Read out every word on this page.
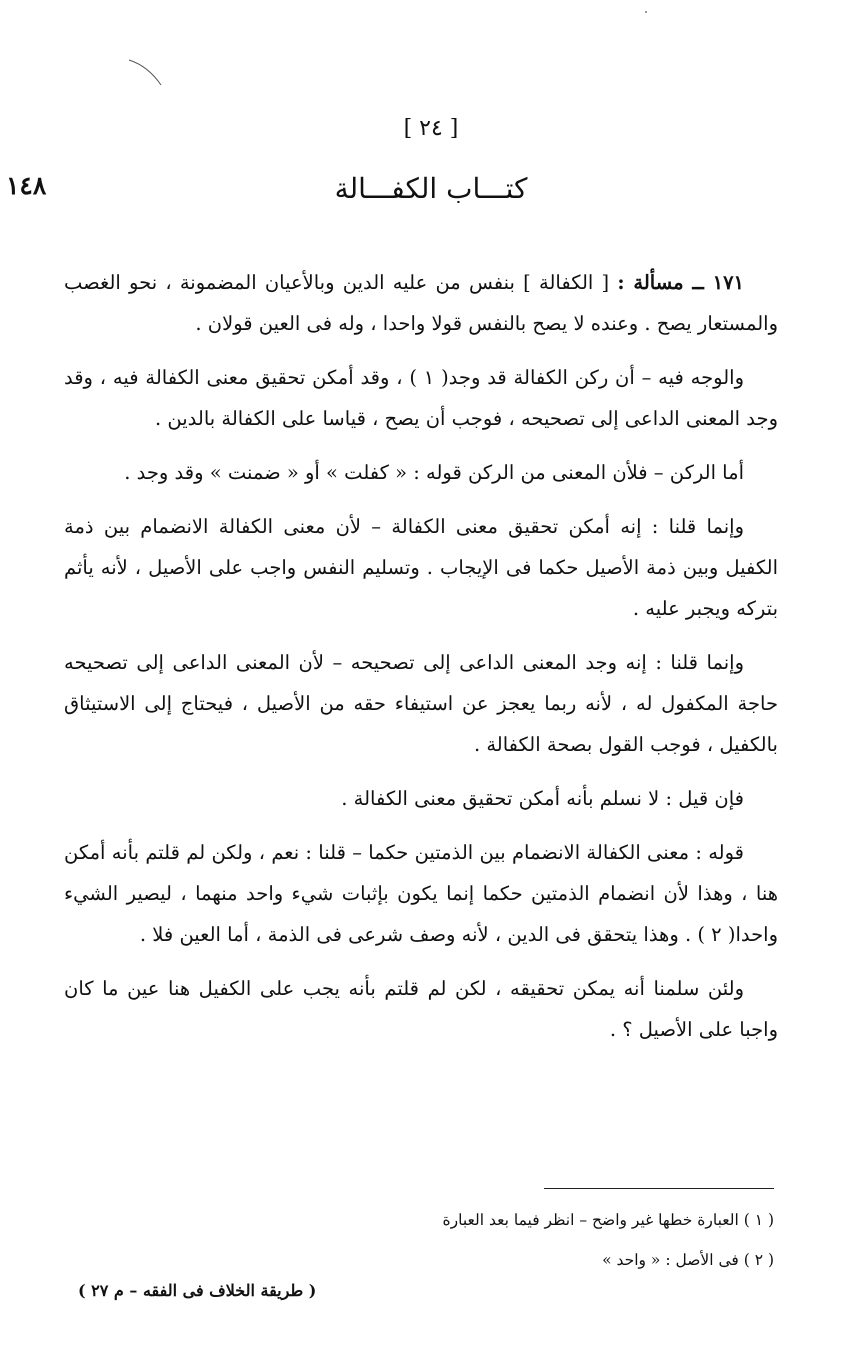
[ ٢٤ ]
١٤٨	كتـــاب الكفـــالة

١٧١ ــ مسألة : [ الكفالة ] بنفس من عليه الدين وبالأعيان المضمونة ، نحو الغصب والمستعار يصح . وعنده لا يصح بالنفس قولا واحدا ، وله فى العين قولان .

والوجه فيه – أن ركن الكفالة قد وجد( ١ ) ، وقد أمكن تحقيق معنى الكفالة فيه ، وقد وجد المعنى الداعى إلى تصحيحه ، فوجب أن يصح ، قياسا على الكفالة بالدين .

أما الركن – فلأن المعنى من الركن قوله : « كفلت » أو « ضمنت » وقد وجد .

وإنما قلنا : إنه أمكن تحقيق معنى الكفالة – لأن معنى الكفالة الانضمام بين ذمة الكفيل وبين ذمة الأصيل حكما فى الإيجاب . وتسليم النفس واجب على الأصيل ، لأنه يأثم بتركه ويجبر عليه .

وإنما قلنا : إنه وجد المعنى الداعى إلى تصحيحه – لأن المعنى الداعى إلى تصحيحه حاجة المكفول له ، لأنه ربما يعجز عن استيفاء حقه من الأصيل ، فيحتاج إلى الاستيثاق بالكفيل ، فوجب القول بصحة الكفالة .

فإن قيل : لا نسلم بأنه أمكن تحقيق معنى الكفالة .

قوله : معنى الكفالة الانضمام بين الذمتين حكما – قلنا : نعم ، ولكن لم قلتم بأنه أمكن هنا ، وهذا لأن انضمام الذمتين حكما إنما يكون بإثبات شيء واحد منهما ، ليصير الشيء واحدا( ٢ ) . وهذا يتحقق فى الدين ، لأنه وصف شرعى فى الذمة ، أما العين فلا .

ولئن سلمنا أنه يمكن تحقيقه ، لكن لم قلتم بأنه يجب على الكفيل هنا عين ما كان واجبا على الأصيل ؟ .

( ١ ) العبارة خطها غير واضح – انظر فيما بعد العبارة
( ٢ ) فى الأصل : « واحد »
( طريقة الخلاف فى الفقه – م ٢٧ )
